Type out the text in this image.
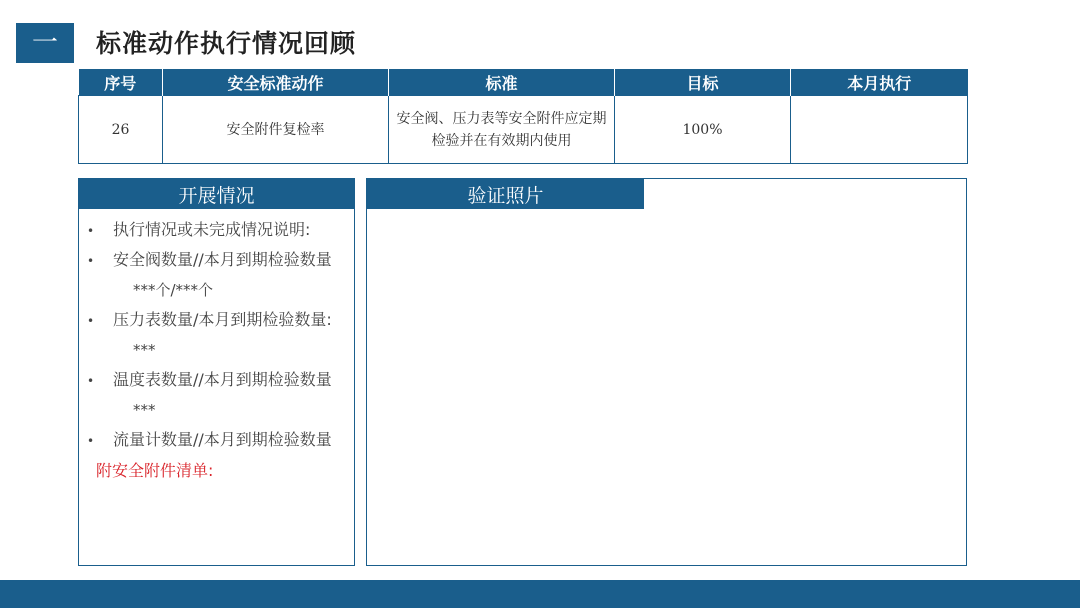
一 标准动作执行情况回顾
序号	安全标准动作	标准	目标	本月执行
26	安全附件复检率	安全阀、压力表等安全附件应定期检验并在有效期内使用	100%	
开展情况
•	执行情况或未完成情况说明:
•	安全阀数量//本月到期检验数量
***个/***个
•	压力表数量/本月到期检验数量:
***
•	温度表数量//本月到期检验数量
***
•	流量计数量//本月到期检验数量
附安全附件清单:
验证照片
